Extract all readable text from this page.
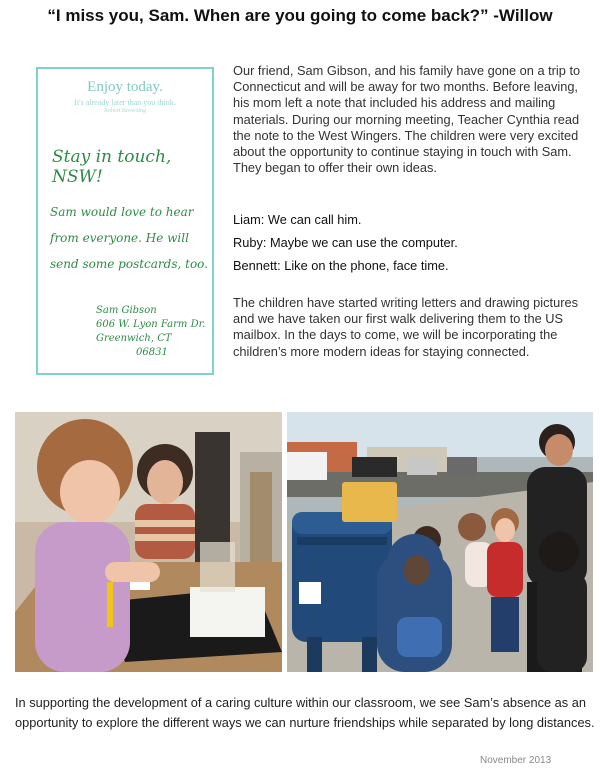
“I miss you, Sam. When are you going to come back?” -Willow
Enjoy today.
It's already later than you think.
Robert Browning
Stay in touch, NSW!
Sam would love to hear from everyone. He will send some postcards, too.
Sam Gibson
606 W. Lyon Farm Dr.
Greenwich, CT
06831
Our friend, Sam Gibson, and his family have gone on a trip to Connecticut and will be away for two months. Before leaving, his mom left a note that included his address and mailing materials. During our morning meeting, Teacher Cynthia read the note to the West Wingers. The children were very excited about the opportunity to continue staying in touch with Sam. They began to offer their own ideas.
Liam: We can call him.
Ruby: Maybe we can use the computer.
Bennett: Like on the phone, face time.
The children have started writing letters and drawing pictures and we have taken our first walk delivering them to the US mailbox. In the days to come, we will be incorporating the children’s more modern ideas for staying connected.
In supporting the development of a caring culture within our classroom, we see Sam’s absence as an opportunity to explore the different ways we can nurture friendships while separated by long distances.
November 2013
